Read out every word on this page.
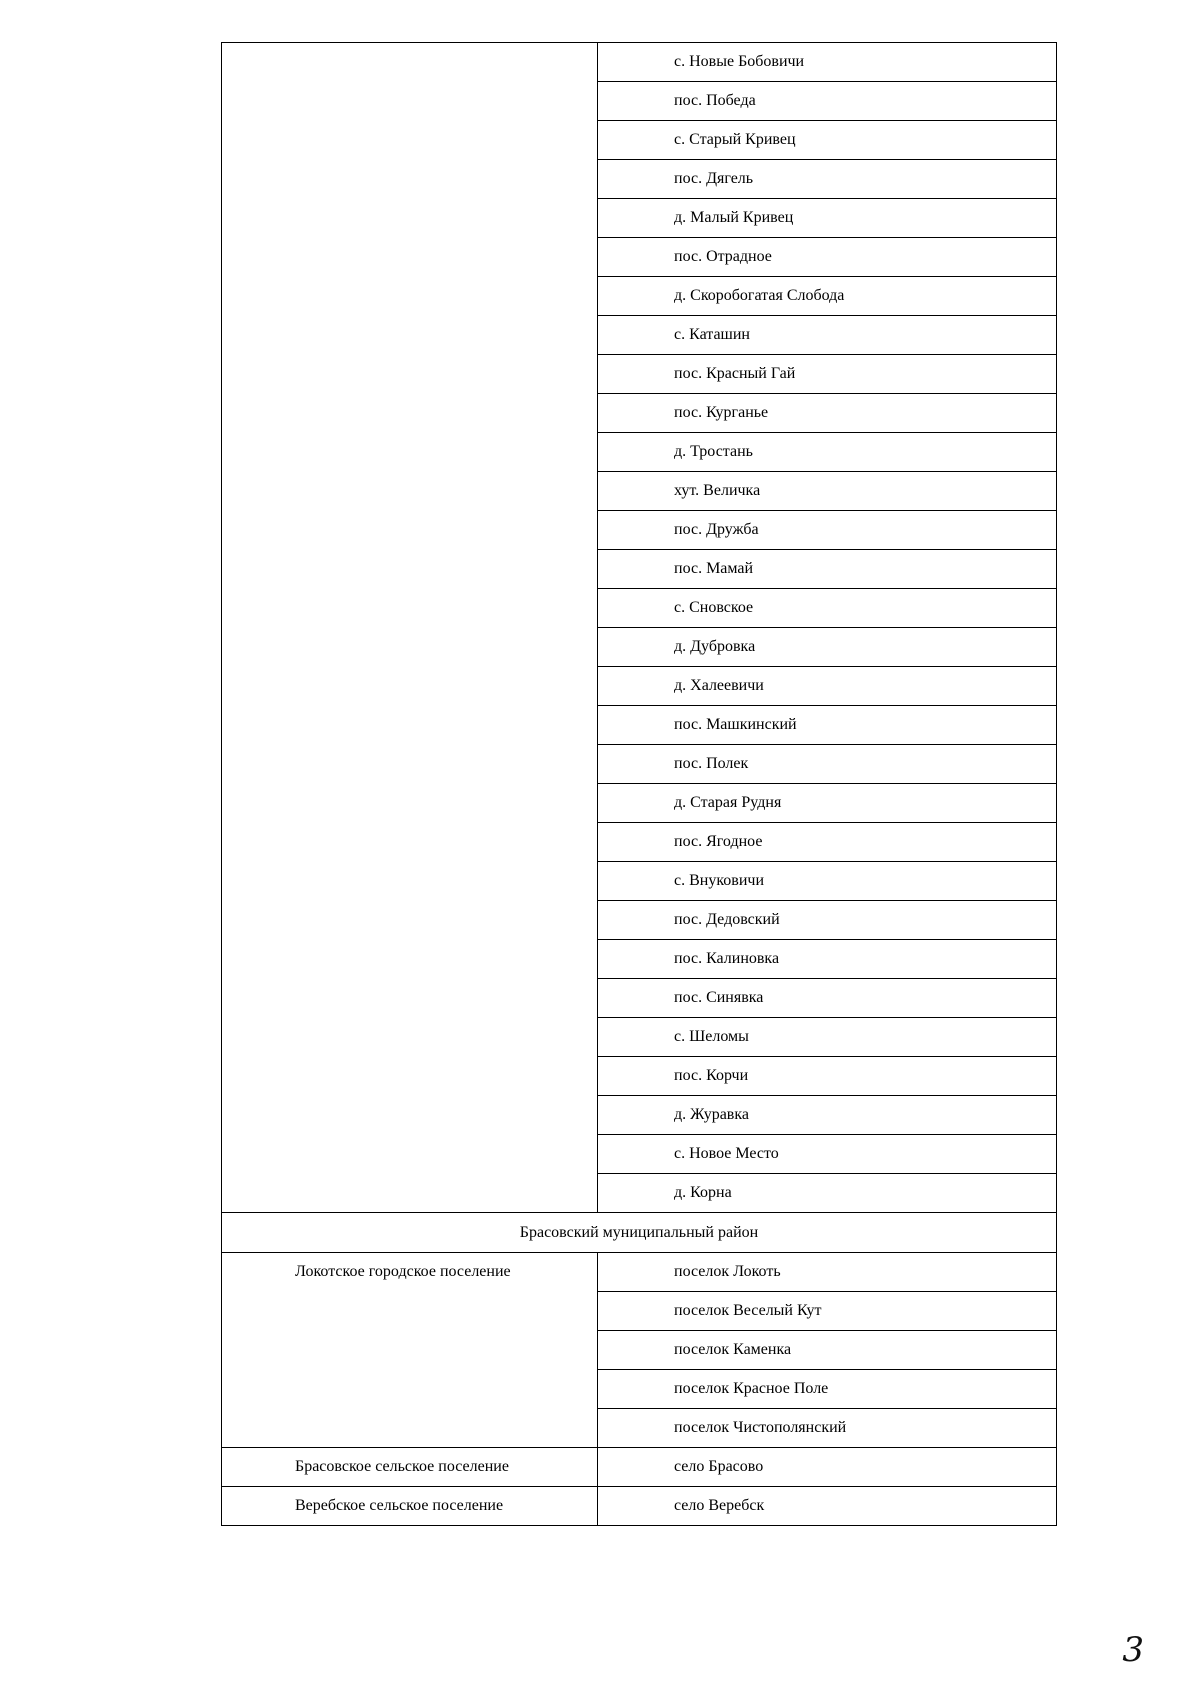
	с. Новые Бобовичи
	пос. Победа
	с. Старый Кривец
	пос. Дягель
	д. Малый Кривец
	пос. Отрадное
	д. Скоробогатая Слобода
	с. Каташин
	пос. Красный Гай
	пос. Курганье
	д. Тростань
	хут. Величка
	пос. Дружба
	пос. Мамай
	с. Сновское
	д. Дубровка
	д. Халеевичи
	пос. Машкинский
	пос. Полек
	д. Старая Рудня
	пос. Ягодное
	с. Внуковичи
	пос. Дедовский
	пос. Калиновка
	пос. Синявка
	с. Шеломы
	пос. Корчи
	д. Журавка
	с. Новое Место
	д. Корна
Брасовский муниципальный район	

Локотское городское поселение	поселок Локоть
	поселок Веселый Кут
	поселок Каменка
	поселок Красное Поле
	поселок Чистополянский

Брасовское сельское поселение	село Брасово

Веребское сельское поселение	село Веребск
3
